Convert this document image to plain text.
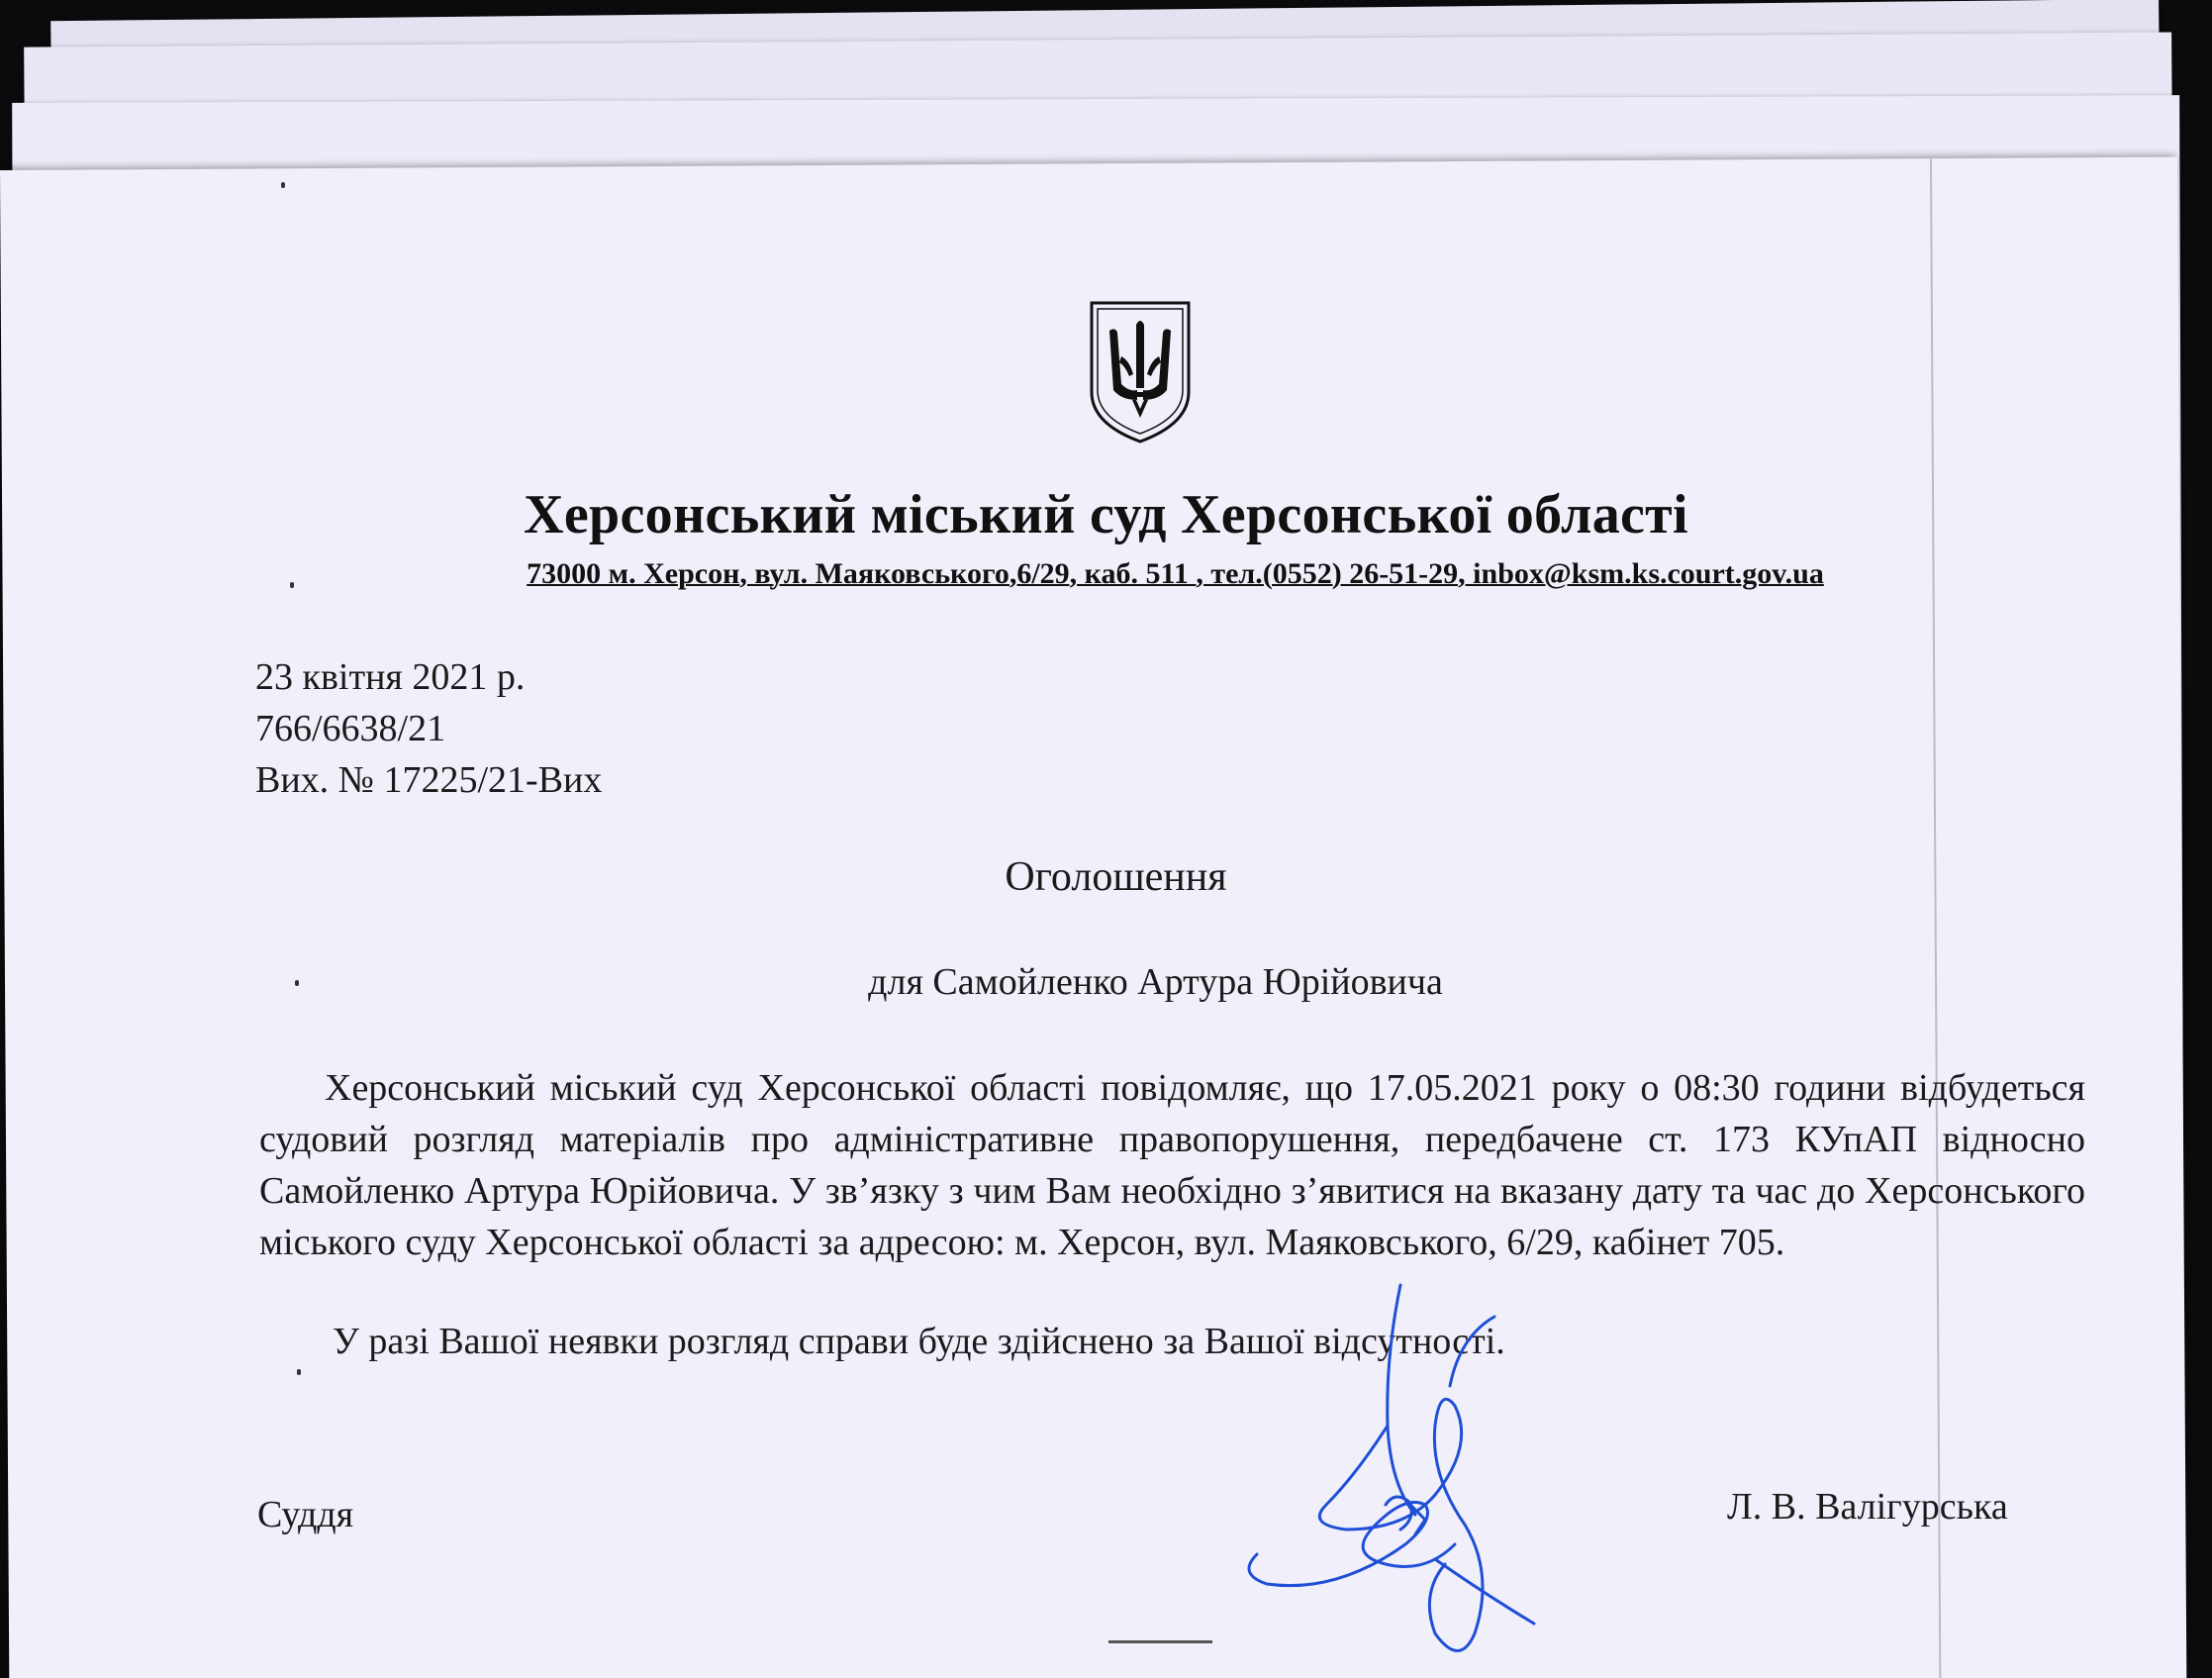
Херсонський міський суд Херсонської області
73000 м. Херсон, вул. Маяковського,6/29, каб. 511 , тел.(0552) 26-51-29, inbox@ksm.ks.court.gov.ua
23 квітня 2021 р.
766/6638/21
Вих. № 17225/21-Вих
Оголошення
для Самойленко Артура Юрійовича
Херсонський міський суд Херсонської області повідомляє, що 17.05.2021 року о 08:30 години відбудеться судовий розгляд матеріалів про адміністративне правопорушення, передбачене ст. 173 КУпАП відносно Самойленко Артура Юрійовича. У зв’язку з чим Вам необхідно з’явитися на вказану дату та час до Херсонського міського суду Херсонської області за адресою: м. Херсон, вул. Маяковського, 6/29, кабінет 705.
У разі Вашої неявки розгляд справи буде здійснено за Вашої відсутності.
Суддя	Л. В. Валігурська
